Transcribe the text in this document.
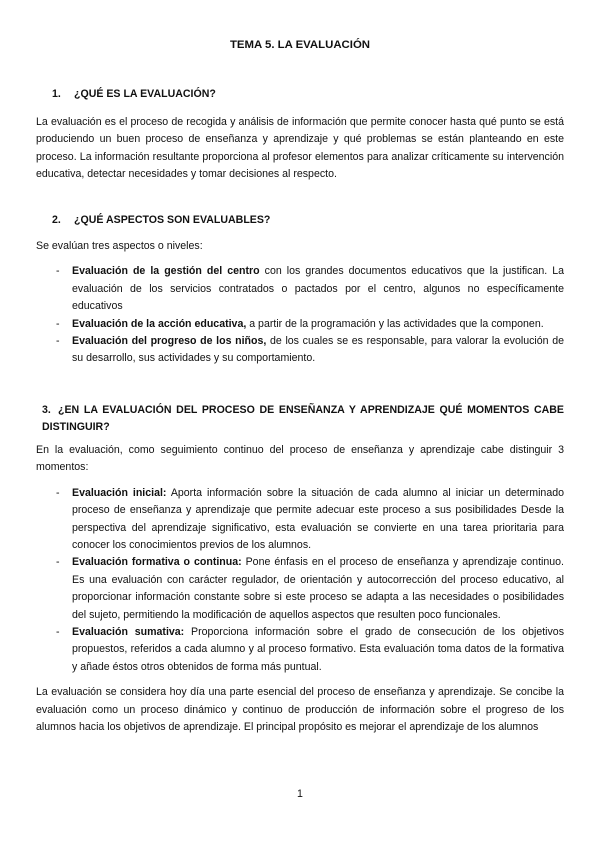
TEMA 5. LA EVALUACIÓN

1. ¿QUÉ ES LA EVALUACIÓN?

La evaluación es el proceso de recogida y análisis de información que permite conocer hasta qué punto se está produciendo un buen proceso de enseñanza y aprendizaje y qué problemas se están planteando en este proceso. La información resultante proporciona al profesor elementos para analizar críticamente su intervención educativa, detectar necesidades y tomar decisiones al respecto.

2. ¿QUÉ ASPECTOS SON EVALUABLES?

Se evalúan tres aspectos o niveles:

- Evaluación de la gestión del centro con los grandes documentos educativos que la justifican. La evaluación de los servicios contratados o pactados por el centro, algunos no específicamente educativos
- Evaluación de la acción educativa, a partir de la programación y las actividades que la componen.
- Evaluación del progreso de los niños, de los cuales se es responsable, para valorar la evolución de su desarrollo, sus actividades y su comportamiento.

3. ¿EN LA EVALUACIÓN DEL PROCESO DE ENSEÑANZA Y APRENDIZAJE QUÉ MOMENTOS CABE DISTINGUIR?

En la evaluación, como seguimiento continuo del proceso de enseñanza y aprendizaje cabe distinguir 3 momentos:

- Evaluación inicial: Aporta información sobre la situación de cada alumno al iniciar un determinado proceso de enseñanza y aprendizaje que permite adecuar este proceso a sus posibilidades Desde la perspectiva del aprendizaje significativo, esta evaluación se convierte en una tarea prioritaria para conocer los conocimientos previos de los alumnos.
- Evaluación formativa o continua: Pone énfasis en el proceso de enseñanza y aprendizaje continuo. Es una evaluación con carácter regulador, de orientación y autocorrección del proceso educativo, al proporcionar información constante sobre si este proceso se adapta a las necesidades o posibilidades del sujeto, permitiendo la modificación de aquellos aspectos que resulten poco funcionales.
- Evaluación sumativa: Proporciona información sobre el grado de consecución de los objetivos propuestos, referidos a cada alumno y al proceso formativo. Esta evaluación toma datos de la formativa y añade éstos otros obtenidos de forma más puntual.

La evaluación se considera hoy día una parte esencial del proceso de enseñanza y aprendizaje. Se concibe la evaluación como un proceso dinámico y continuo de producción de información sobre el progreso de los alumnos hacia los objetivos de aprendizaje. El principal propósito es mejorar el aprendizaje de los alumnos

1
